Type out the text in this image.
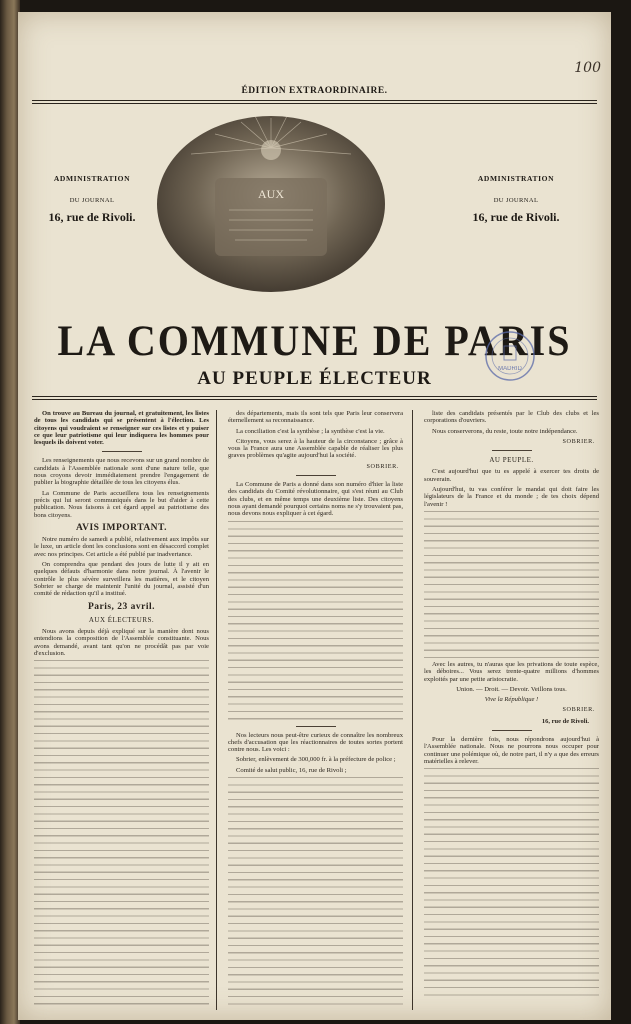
100
ÉDITION EXTRAORDINAIRE.
ADMINISTRATION
DU JOURNAL
16, rue de Rivoli.
ADMINISTRATION
DU JOURNAL
16, rue de Rivoli.
AUX
LA COMMUNE DE PARIS
AU PEUPLE ÉLECTEUR	MADRID

On trouve au Bureau du journal, et gratuitement, les listes de tous les candidats qui se présentent à l'élection. Les citoyens qui voudraient se renseigner sur ces listes et y puiser ce que leur patriotisme qui leur indiquera les hommes pour lesquels ils doivent voter.

Les renseignements que nous recevons sur un grand nombre de candidats à l'Assemblée nationale sont d'une nature telle, que nous croyons devoir immédiatement prendre l'engagement de publier la biographie détaillée de tous les citoyens élus.

La Commune de Paris accueillera tous les renseignements précis qui lui seront communiqués dans le but d'aider à cette publication. Nous faisons à cet égard appel au patriotisme des bons citoyens.

AVIS IMPORTANT.

Notre numéro de samedi a publié, relativement aux impôts sur le luxe, un article dont les conclusions sont en désaccord complet avec nos principes. Cet article a été publié par inadvertance.

On comprendra que pendant des jours de lutte il y ait en quelques défauts d'harmonie dans notre journal. À l'avenir le contrôle le plus sévère surveillera les matières, et le citoyen Sobrier se charge de maintenir l'unité du journal, assisté d'un comité de rédaction qu'il a institué.

Paris, 23 avril.
AUX ÉLECTEURS.

Nous avons depuis déjà expliqué sur la manière dont nous entendions la composition de l'Assemblée constituante. Nous avons demandé, avant tant qu'on ne procédât pas par voie d'exclusion.

des départements, mais ils sont tels que Paris leur conservera éternellement sa reconnaissance.

La conciliation c'est la synthèse ; la synthèse c'est la vie.

Citoyens, vous serez à la hauteur de la circonstance ; grâce à vous la France aura une Assemblée capable de réaliser les plus graves problèmes qu'agite aujourd'hui la société.

SOBRIER.

La Commune de Paris a donné dans son numéro d'hier la liste des candidats du Comité révolutionnaire, qui s'est réuni au Club des clubs, et en même temps une deuxième liste. Des citoyens nous ayant demandé pourquoi certains noms ne s'y trouvaient pas, nous devons nous expliquer à cet égard.

Nos lecteurs nous peut-être curieux de connaître les nombreux chefs d'accusation que les réactionnaires de toutes sortes portent contre nous. Les voici :

Sobrier, enlèvement de 300,000 fr. à la préfecture de police ;

Comité de salut public, 16, rue de Rivoli ;

liste des candidats présentés par le Club des clubs et les corporations d'ouvriers.

Nous conserverons, du reste, toute notre indépendance.

SOBRIER.

AU PEUPLE.

C'est aujourd'hui que tu es appelé à exercer tes droits de souverain.

Aujourd'hui, tu vas conférer le mandat qui doit faire les législateurs de la France et du monde ; de tes choix dépend l'avenir !

Avec les autres, tu n'auras que les privations de toute espèce, les déboires... Vous serez trente-quatre millions d'hommes exploités par une petite aristocratie.

Union. — Droit. — Devoir. Veillons tous.

Vive la République !

SOBRIER.

16, rue de Rivoli.

Pour la dernière fois, nous répondrons aujourd'hui à l'Assemblée nationale. Nous ne pourrons nous occuper pour continuer une polémique où, de notre part, il n'y a que des erreurs matérielles à relever.
